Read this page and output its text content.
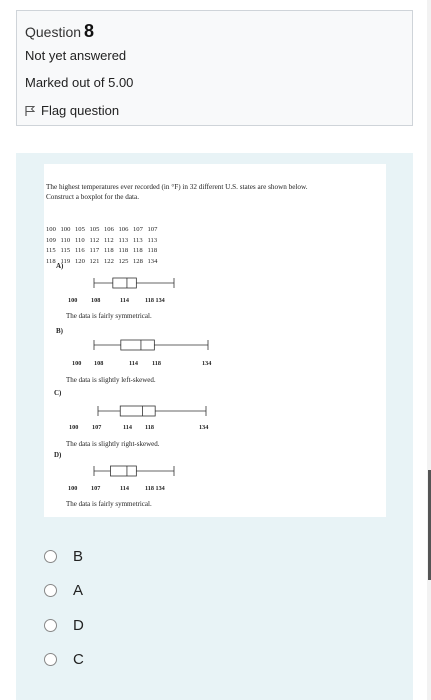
Question 8
Not yet answered
Marked out of 5.00
Flag question
The highest temperatures ever recorded (in °F) in 32 different U.S. states are shown below.
Construct a boxplot for the data.
100 100 105 105 106 106 107 107
109 110 110 112 112 113 113 113
115 115 116 117 118 118 118 118
118 119 120 121 122 125 128 134
A)
100 108	114	118 134
The data is fairly symmetrical.
B)
100 108	114 118	134
The data is slightly left-skewed.
C)
100 107	114 118	134
The data is slightly right-skewed.
D)
100 107	114	118 134
The data is fairly symmetrical.
B
A
D
C
